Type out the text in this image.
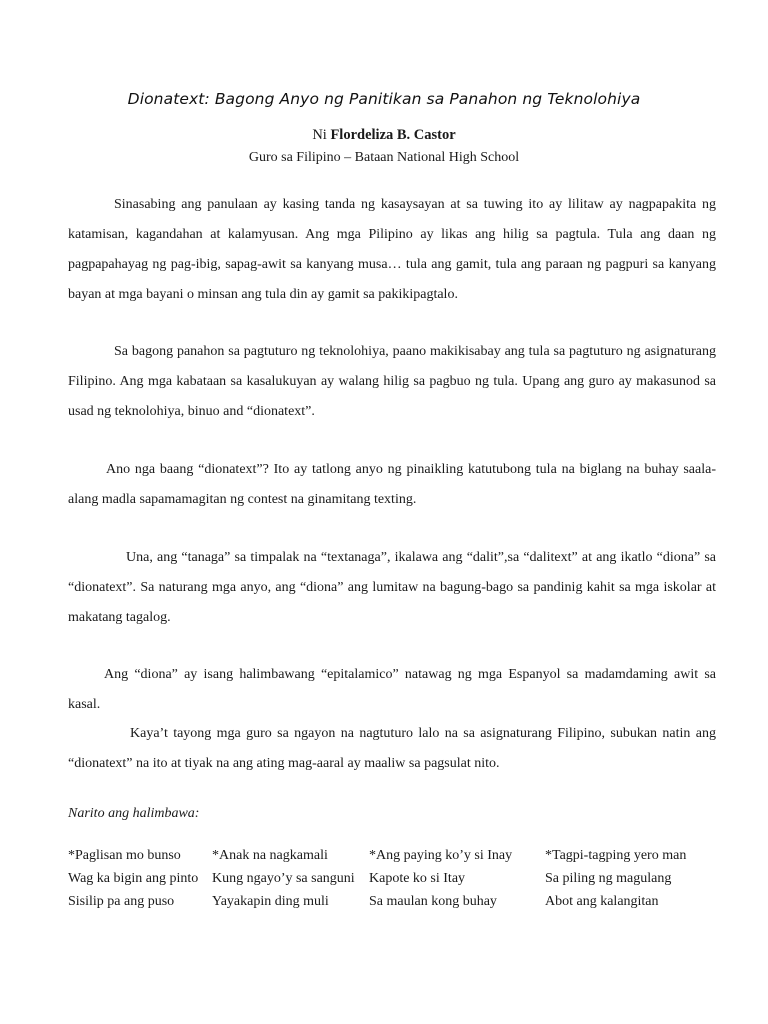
Dionatext: Bagong Anyo ng Panitikan sa Panahon ng Teknolohiya
Ni Flordeliza B. Castor
Guro sa Filipino – Bataan National High School

Sinasabing ang panulaan ay kasing tanda ng kasaysayan at sa tuwing ito ay lilitaw ay nagpapakita ng katamisan, kagandahan at kalamyusan. Ang mga Pilipino ay likas ang hilig sa pagtula. Tula ang daan ng pagpapahayag ng pag-ibig, sapag-awit sa kanyang musa… tula ang gamit, tula ang paraan ng pagpuri sa kanyang bayan at mga bayani o minsan ang tula din ay gamit sa pakikipagtalo.

Sa bagong panahon sa pagtuturo ng teknolohiya, paano makikisabay ang tula sa pagtuturo ng asignaturang Filipino. Ang mga kabataan sa kasalukuyan ay walang hilig sa pagbuo ng tula. Upang ang guro ay makasunod sa usad ng teknolohiya, binuo and “dionatext”.

Ano nga baang “dionatext”? Ito ay tatlong anyo ng pinaikling katutubong tula na biglang na buhay saala-alang madla sapamamagitan ng contest na ginamitang texting.

Una, ang “tanaga” sa timpalak na “textanaga”, ikalawa ang “dalit”,sa “dalitext” at ang ikatlo “diona” sa “dionatext”. Sa naturang mga anyo, ang “diona” ang lumitaw na bagung-bago sa pandinig kahit sa mga iskolar at makatang tagalog.

Ang “diona” ay isang halimbawang “epitalamico” natawag ng mga Espanyol sa madamdaming awit sa kasal.

Kaya’t tayong mga guro sa ngayon na nagtuturo lalo na sa asignaturang Filipino, subukan natin ang “dionatext” na ito at tiyak na ang ating mag-aaral ay maaliw sa pagsulat nito.

Narito ang halimbawa:
*Paglisan mo bunso
Wag ka bigin ang pinto
Sisilip pa ang puso
*Anak na nagkamali
Kung ngayo’y sa sanguni
Yayakapin ding muli
*Ang paying ko’y si Inay
Kapote ko si Itay
Sa maulan kong buhay
*Tagpi-tagping yero man
Sa piling ng magulang
Abot ang kalangitan
